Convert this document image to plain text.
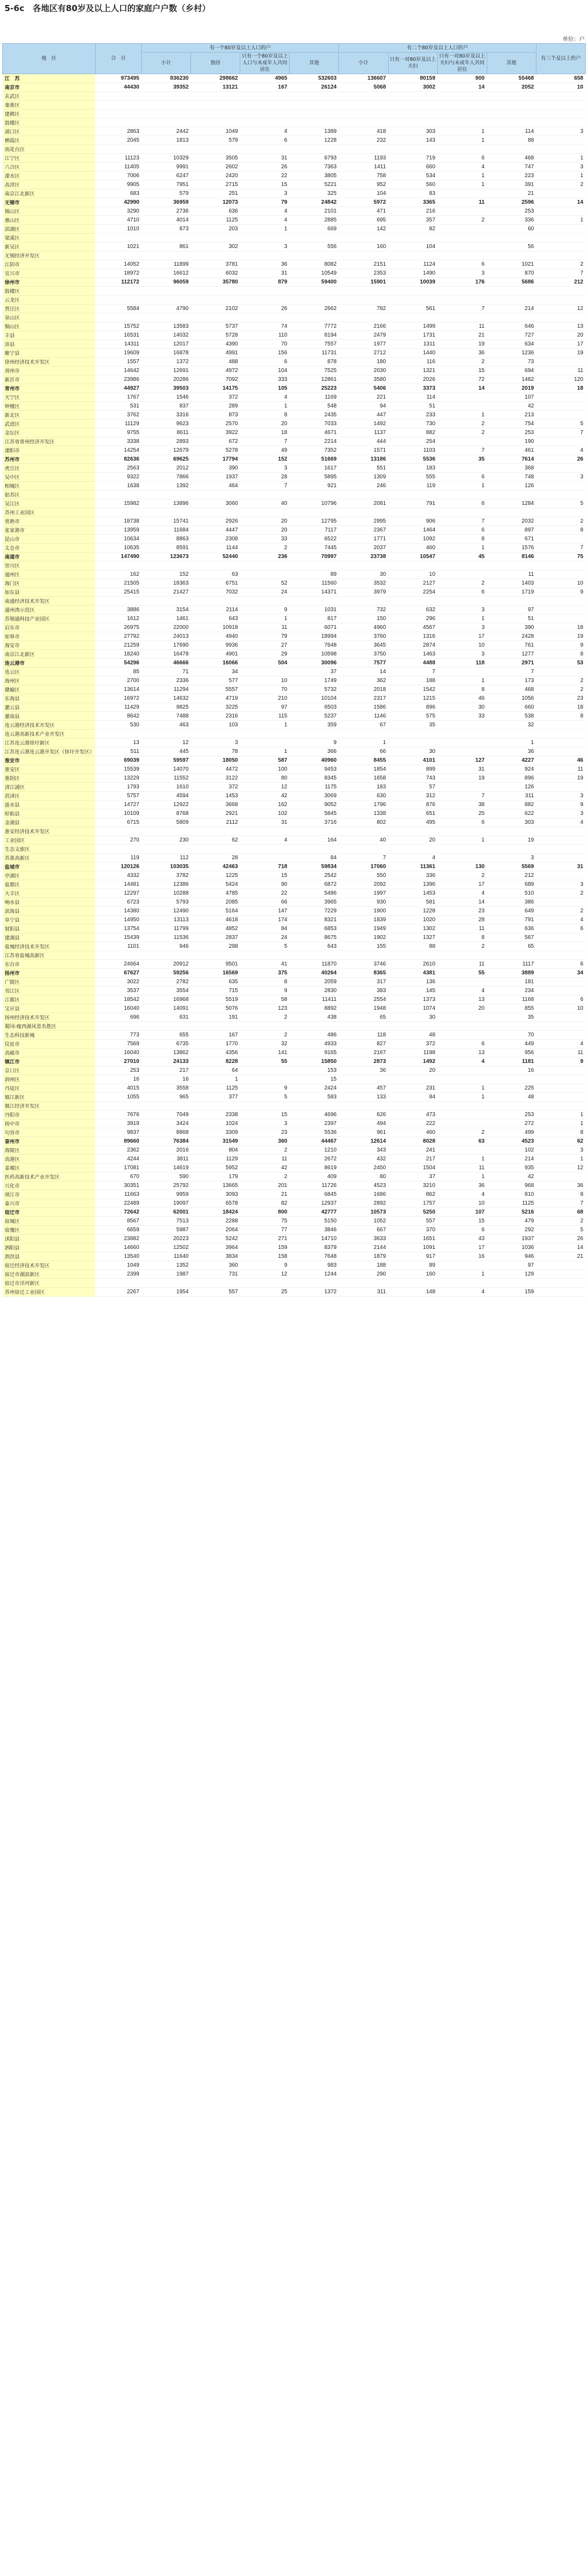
5-6c　各地区有80岁及以上人口的家庭户户数（乡村）
单位：户
地　区	合　计	有一个80岁及以上人口的户				有二个80岁及以上人口的户				有三个及以上的户
		小计	独居	只有一个80岁及以上人口与未成年人共同居住	其他	小计	只有一对80岁及以上夫妇	只有一对80岁及以上夫妇与未成年人共同居住	其他	
江　苏	973495	836230	298662	4965	532603	136607	80159	900	55468	658
南京市	44430	39352	13121	167	26124	5068	3002	14	2052	10
玄武区										
秦淮区										
建邺区										
鼓楼区										
浦口区	2863	2442	1049	4	1389	418	303	1	114	3
栖霞区	2045	1813	579	6	1228	232	143	1	88	
雨花台区										
江宁区	11123	10329	3505	31	6793	1193	719	6	468	1
六合区	11405	9991	2602	26	7363	1411	660	4	747	3
溧水区	7006	6247	2420	22	3805	758	534	1	223	1
高淳区	9905	7951	2715	15	5221	952	560	1	391	2
南京江北新区	683	579	251	3	325	104	83		21	
无锡市	42990	36959	12073	79	24842	5972	3365	11	2596	14
锡山区	3290	2736	636	4	2101	471	216		253	
惠山区	4710	4014	1125	4	2885	695	357	2	336	1
滨湖区	1010	873	203	1	669	142	82		60	
梁溪区										
新吴区	1021	861	302	3	556	160	104		56	
无锡经济开发区										
江阴市	14052	11899	3781	36	8082	2151	1124	6	1021	2
宜兴市	18972	16612	6032	31	10549	2353	1490	3	870	7
徐州市	112172	96059	35780	879	59400	15901	10039	176	5686	212
鼓楼区										
云龙区										
贾汪区	5584	4790	2102	26	2662	782	561	7	214	12
泉山区										
铜山区	15752	13583	5737	74	7772	2166	1499	11	646	13
丰县	16531	14032	5728	110	8194	2479	1731	21	727	20
沛县	14311	12017	4390	70	7557	1977	1311	19	634	17
睢宁县	19609	16878	4991	156	11731	2712	1440	36	1236	19
徐州经济技术开发区	1557	1372	488	6	878	180	116	2	73	
邳州市	14642	12691	4972	104	7525	2030	1321	15	694	11
新沂市	23986	20286	7092	333	12861	3580	2026	72	1482	120
常州市	44927	39503	14175	105	25223	5406	3373	14	2019	18
天宁区	1767	1546	372	4	1169	221	114		107	
钟楼区	531	837	289	1	548	94	51		42	
新北区	3762	3316	873	8	2435	447	233	1	213	
武进区	11129	9623	2570	20	7033	1492	730	2	754	5
金坛区	9755	8611	3922	18	4671	1137	882	2	253	7
江苏省常州经济开发区	3338	2893	672	7	2214	444	254		190	
溧阳市	14254	12679	5278	49	7352	1571	1103	7	461	4
苏州市	82636	69625	17794	152	51669	13186	5536	35	7614	26
虎丘区	2563	2012	390	3	1617	551	183		368	
吴中区	9322	7866	1937	28	5895	1309	555	6	748	3
相城区	1638	1392	464	7	921	246	119	1	126	
姑苏区										
吴江区	15982	13896	3060	40	10796	2081	791	6	1284	5
苏州工业园区										
常熟市	18738	15741	2926	20	12795	2995	906	7	2032	2
张家港市	13959	11684	4447	20	7117	2367	1464	6	897	8
昆山市	10634	8863	2308	33	6522	1771	1092	8	671	
太仓市	10635	8591	1144	2	7445	2037	460	1	1576	7
南通市	147490	123673	52440	236	70997	23738	10547	45	8146	75
崇川区										
通州区	162	152	63		89	30	10		11	
海门区	21505	18363	6751	52	11560	3532	2127	2	1403	10
如东县	25415	21427	7032	24	14371	3979	2254	6	1719	9
南通经济技术开发区										
通州湾示范区	3886	3154	2114	9	1031	732	632	3	97	
苏锡通科技产业园区	1612	1461	643	1	817	150	296	1	51	
启东市	26975	22000	10918	11	6071	4960	4567	3	390	18
如皋市	27792	24013	4940	79	18994	3760	1316	17	2428	19
海安市	21259	17690	9936	27	7648	3645	2874	10	761	9
南京江北新区	18240	16478	4901	29	10598	3750	1463	3	1277	8
连云港市	54296	46666	16066	504	30096	7577	4488	118	2971	53
连云区	85	71	34		37	14	7		7	
海州区	2700	2336	577	10	1749	362	188	1	173	2
赣榆区	13614	11294	5557	70	5732	2018	1542	8	468	2
东海县	16972	14632	4719	210	10104	2317	1215	46	1056	23
灌云县	11429	9825	3225	97	6503	1586	896	30	660	18
灌南县	8642	7488	2316	115	5237	1146	575	33	538	8
连云港经济技术开发区	530	463	103	1	359	67	35		32	
连云港高新技术产业开发区										
江苏连云港徐圩新区	13	12	3		9	1			1	
江苏连云港连云港开发区（徐圩开发区）	511	445	78	1	366	66	30		36	
淮安市	69039	59597	18050	587	40960	8455	4101	127	4227	46
淮安区	15539	14070	4472	100	9453	1854	899	31	924	11
淮阴区	13229	11552	3122	80	8345	1658	743	19	896	19
清江浦区	1793	1610	372	12	1175	183	57		126	
洪泽区	5757	4594	1453	42	3069	630	312	7	311	3
涟水县	14727	12922	3668	162	9052	1796	876	38	882	9
盱眙县	10109	8768	2921	102	5845	1338	651	25	622	3
金湖县	6715	5809	2112	31	3716	802	495	6	303	4
淮安经济技术开发区										
工业园区	270	230	62	4	164	40	20	1	19	
生态文旅区										
苏淮高新区	119	112	28		84	7	4		3	
盐城市	120126	103035	42463	718	59834	17060	11361	130	5569	31
亭湖区	4332	3782	1225	15	2542	550	336	2	212	
盐都区	14481	12386	5424	90	6872	2092	1396	17	689	3
大丰区	12297	10288	4785	22	5486	1997	1453	4	510	2
响水县	6723	5793	2085	66	3965	930	581	14	386	
滨海县	14380	12490	5164	147	7229	1900	1228	23	649	2
阜宁县	14950	13113	4618	174	8321	1839	1020	28	791	4
射阳县	13754	11799	4852	84	6853	1949	1302	11	636	6
建湖县	15439	11536	2837	24	8675	1902	1327	8	567	
盐城经济技术开发区	1101	946	298	5	643	155	88	2	65	
江苏省盐城高新区										
东台市	24664	20912	9501	41	11870	3746	2610	11	1117	6
扬州市	67627	59256	16569	375	40264	8365	4381	55	3889	34
广陵区	3022	2782	635	8	2059	317	136		181	
邗江区	3537	3554	715	9	2830	383	145	4	234	
江都区	18542	16968	5519	58	11411	2554	1373	13	1168	6
宝应县	16040	14091	5076	123	8892	1948	1074	20	855	10
扬州经济技术开发区	696	631	191	2	438	65	30		35	
蜀冈-瘦西湖风景名胜区										
生态科技新城	773	655	167	2	486	118	48		70	
仪征市	7569	6735	1770	32	4933	827	372	6	449	4
高邮市	16040	13862	4356	141	9165	2167	1198	13	956	11
镇江市	27010	24133	8228	55	15850	2873	1492	4	1181	9
京口区	253	217	64		153	36	20		16	
润州区	16	16	1		15					
丹徒区	4015	3558	1125	9	2424	457	231	1	225	
镇江新区	1055	965	377	5	583	133	84	1	48	
镇江经济开发区										
丹阳市	7676	7049	2338	15	4696	626	473		253	1
扬中市	3919	3424	1024	3	2397	494	222		272	1
句容市	9837	8868	3309	23	5536	961	460	2	499	8
泰州市	89660	76384	31549	360	44467	12614	8028	63	4523	62
海陵区	2362	2016	804	2	1210	343	241		102	3
高港区	4244	3811	1129	11	2672	432	217	1	214	1
姜堰区	17081	14619	5952	42	8619	2450	1504	11	935	12
医药高新技术产业开发区	670	590	179	2	409	80	37	1	42	
兴化市	30351	25792	13665	201	11726	4523	3210	36	968	36
靖江市	11663	9959	3093	21	6845	1686	862	4	810	8
泰兴市	22489	19097	6578	82	12937	2892	1757	10	1125	7
宿迁市	72642	62001	18424	800	42777	10573	5250	107	5216	68
宿城区	8567	7513	2288	75	5150	1052	557	15	479	2
宿豫区	6659	5987	2064	77	3846	667	370	6	292	5
沭阳县	23882	20223	5242	271	14710	3633	1651	43	1937	26
泗阳县	14660	12502	3964	159	8379	2144	1091	17	1036	14
泗洪县	13540	11640	3834	158	7648	1879	917	16	946	21
宿迁经济技术开发区	1049	1352	360	9	983	188	89		97	
宿迁市湖滨新区	2399	1987	731	12	1244	290	160	1	129	
宿迁市洋河新区										
苏州宿迁工业园区	2267	1954	557	25	1372	311	148	4	159	
